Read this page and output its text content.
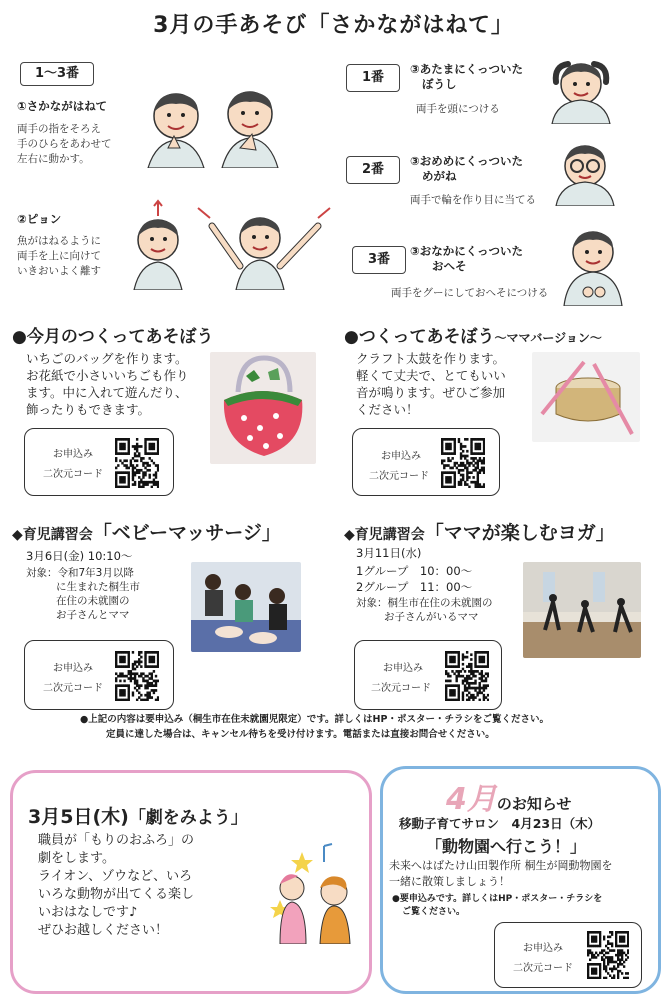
3月の手あそび「さかながはねて」
1～3番
①さかながはねて
両手の指をそろえ
手のひらをあわせて
左右に動かす。
②ピョン
魚がはねるように
両手を上に向けて
いきおいよく離す
1番
③あたまにくっついた
ぼうし
両手を頭につける
2番
③おめめにくっついた
めがね
両手で輪を作り目に当てる
3番
③おなかにくっついた
おへそ
両手をグーにしておへそにつける
●今月のつくってあそぼう
いちごのバッグを作ります。
お花紙で小さいいちごも作り
ます。中に入れて遊んだり、
飾ったりもできます。
お申込み
二次元コード
●つくってあそぼう～ママバージョン～
クラフト太鼓を作ります。
軽くて丈夫で、とてもいい
音が鳴ります。ぜひご参加
ください！
お申込み
二次元コード
◆育児講習会「ベビーマッサージ」
3月6日(金) 10:10～
対象：令和7年3月以降
に生まれた桐生市
在住の未就園の
お子さんとママ
お申込み
二次元コード
◆育児講習会「ママが楽しむヨガ」
3月11日(水)
1グループ　10：00～
2グループ　11：00～
対象：桐生市在住の未就園の
お子さんがいるママ
お申込み
二次元コード
●上記の内容は要申込み（桐生市在住未就園児限定）です。詳しくはHP・ポスター・チラシをご覧ください。
定員に達した場合は、キャンセル待ちを受け付けます。電話または直接お問合せください。
3月5日(木)「劇をみよう」
職員が「もりのおふろ」の
劇をします。
ライオン、ゾウなど、いろ
いろな動物が出てくる楽し
いおはなしです♪
ぜひお越しください！
4月のお知らせ
移動子育てサロン　4月23日（木）
「動物園へ行こう！」
未来へはばたけ山田製作所 桐生が岡動物園を
一緒に散策しましょう！
●要申込みです。詳しくはHP・ポスター・チラシを
ご覧ください。
お申込み
二次元コード
